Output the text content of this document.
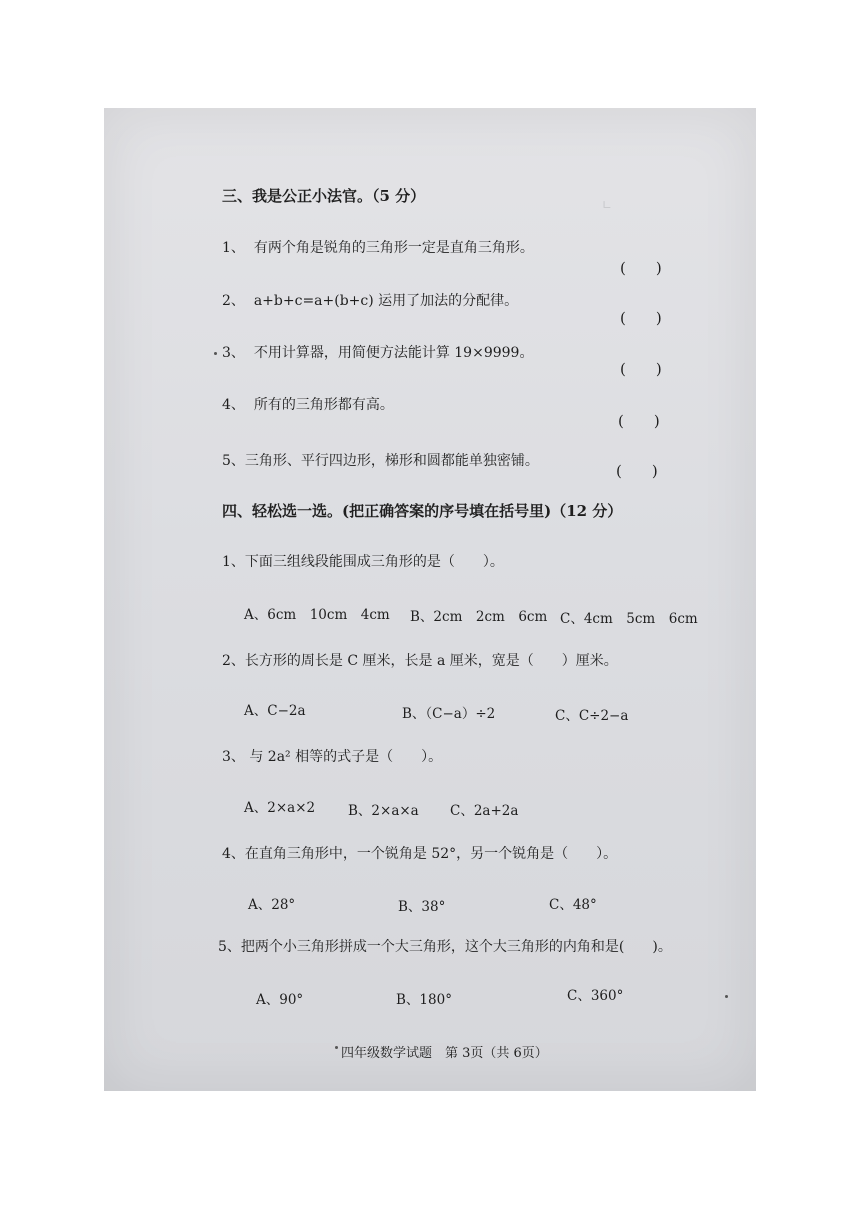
∟
三、我是公正小法官。（5 分）
1、 有两个角是锐角的三角形一定是直角三角形。
(　　)
2、 a+b+c=a+(b+c) 运用了加法的分配律。
(　　)
3、 不用计算器，用简便方法能计算 19×9999。
(　　)
4、 所有的三角形都有高。
(　　)
5、三角形、平行四边形，梯形和圆都能单独密铺。
(　　)
四、轻松选一选。(把正确答案的序号填在括号里)（12 分）
1、下面三组线段能围成三角形的是（　　）。
A、6cm　10cm　4cm B、2cm　2cm　6cm C、4cm　5cm　6cm
2、长方形的周长是 C 厘米，长是 a 厘米，宽是（　　）厘米。
A、C−2a	B、（C−a）÷2	C、C÷2−a
3、 与 2a² 相等的式子是（　　）。
A、2×a×2 B、2×a×a C、2a+2a
4、在直角三角形中，一个锐角是 52°，另一个锐角是（　　）。
A、28°	B、38°	C、48°
5、把两个小三角形拼成一个大三角形，这个大三角形的内角和是(　　)。
A、90°	B、180°	C、360°
四年级数学试题　第 3页（共 6页）
